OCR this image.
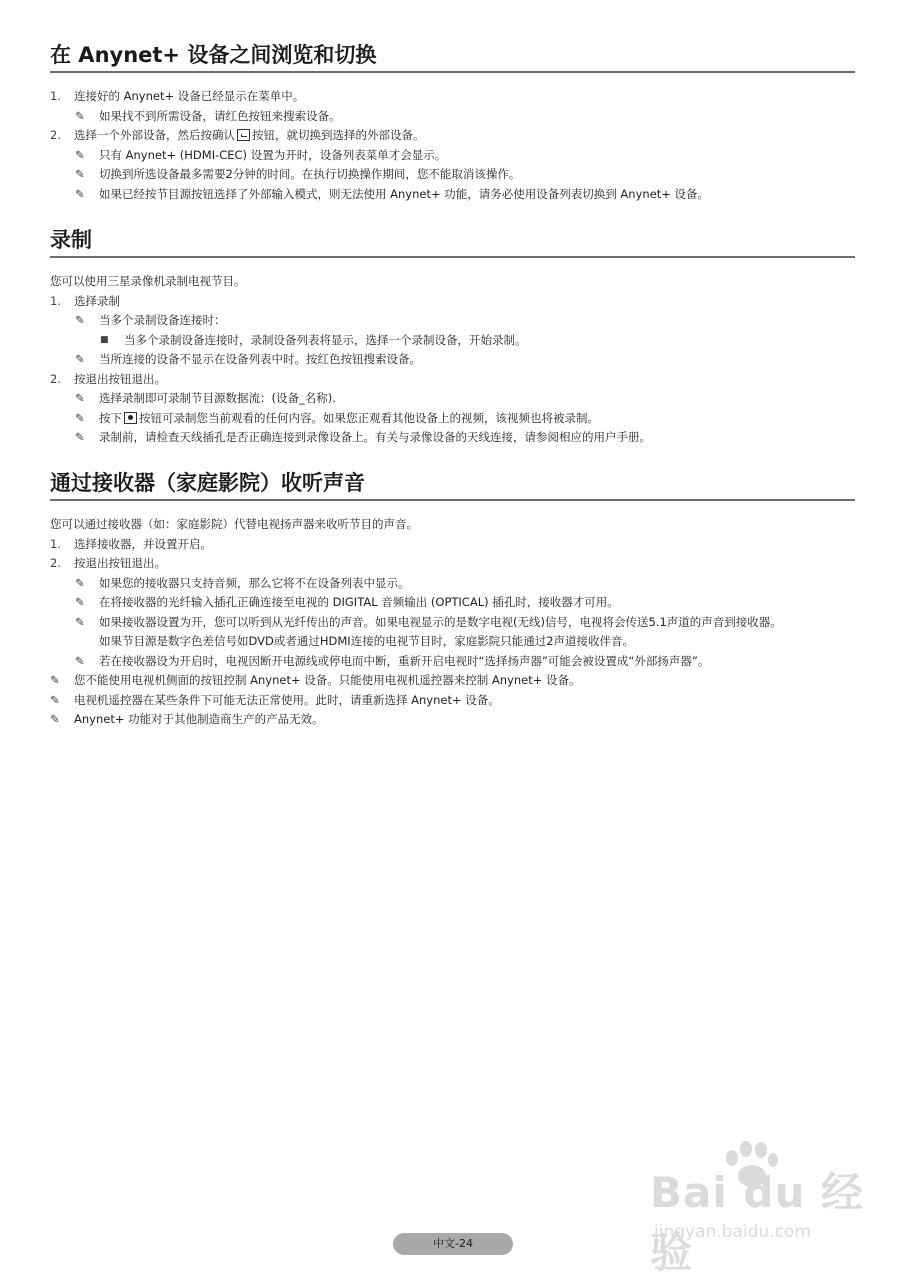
在 Anynet+ 设备之间浏览和切换
1. 连接好的 Anynet+ 设备已经显示在菜单中。
✎ 如果找不到所需设备，请红色按钮来搜索设备。
2. 选择一个外部设备，然后按确认 按钮，就切换到选择的外部设备。
✎ 只有 Anynet+ (HDMI-CEC) 设置为开时，设备列表菜单才会显示。
✎ 切换到所选设备最多需要2分钟的时间。在执行切换操作期间，您不能取消该操作。
✎ 如果已经按节目源按钮选择了外部输入模式，则无法使用 Anynet+ 功能，请务必使用设备列表切换到 Anynet+ 设备。
录制
您可以使用三星录像机录制电视节目。
1. 选择录制
✎ 当多个录制设备连接时：
■ 当多个录制设备连接时，录制设备列表将显示，选择一个录制设备，开始录制。
✎ 当所连接的设备不显示在设备列表中时。按红色按钮搜索设备。
2. 按退出按钮退出。
✎ 选择录制即可录制节目源数据流：(设备_名称).
✎ 按下 按钮可录制您当前观看的任何内容。如果您正观看其他设备上的视频，该视频也将被录制。
✎ 录制前，请检查天线插孔是否正确连接到录像设备上。有关与录像设备的天线连接，请参阅相应的用户手册。
通过接收器（家庭影院）收听声音
您可以通过接收器（如：家庭影院）代替电视扬声器来收听节目的声音。
1. 选择接收器，并设置开启。
2. 按退出按钮退出。
✎ 如果您的接收器只支持音频，那么它将不在设备列表中显示。
✎ 在将接收器的光纤输入插孔正确连接至电视的 DIGITAL 音频输出 (OPTICAL) 插孔时，接收器才可用。
✎ 如果接收器设置为开，您可以听到从光纤传出的声音。如果电视显示的是数字电视(无线)信号，电视将会传送5.1声道的声音到接收器。
如果节目源是数字色差信号如DVD或者通过HDMI连接的电视节目时，家庭影院只能通过2声道接收伴音。
✎ 若在接收器设为开启时，电视因断开电源线或停电而中断，重新开启电视时“选择扬声器”可能会被设置成“外部扬声器”。
✎ 您不能使用电视机侧面的按钮控制 Anynet+ 设备。只能使用电视机遥控器来控制 Anynet+ 设备。
✎ 电视机遥控器在某些条件下可能无法正常使用。此时，请重新选择 Anynet+ 设备。
✎ Anynet+ 功能对于其他制造商生产的产品无效。
Bai du 经验
jingyan.baidu.com
中文-24
